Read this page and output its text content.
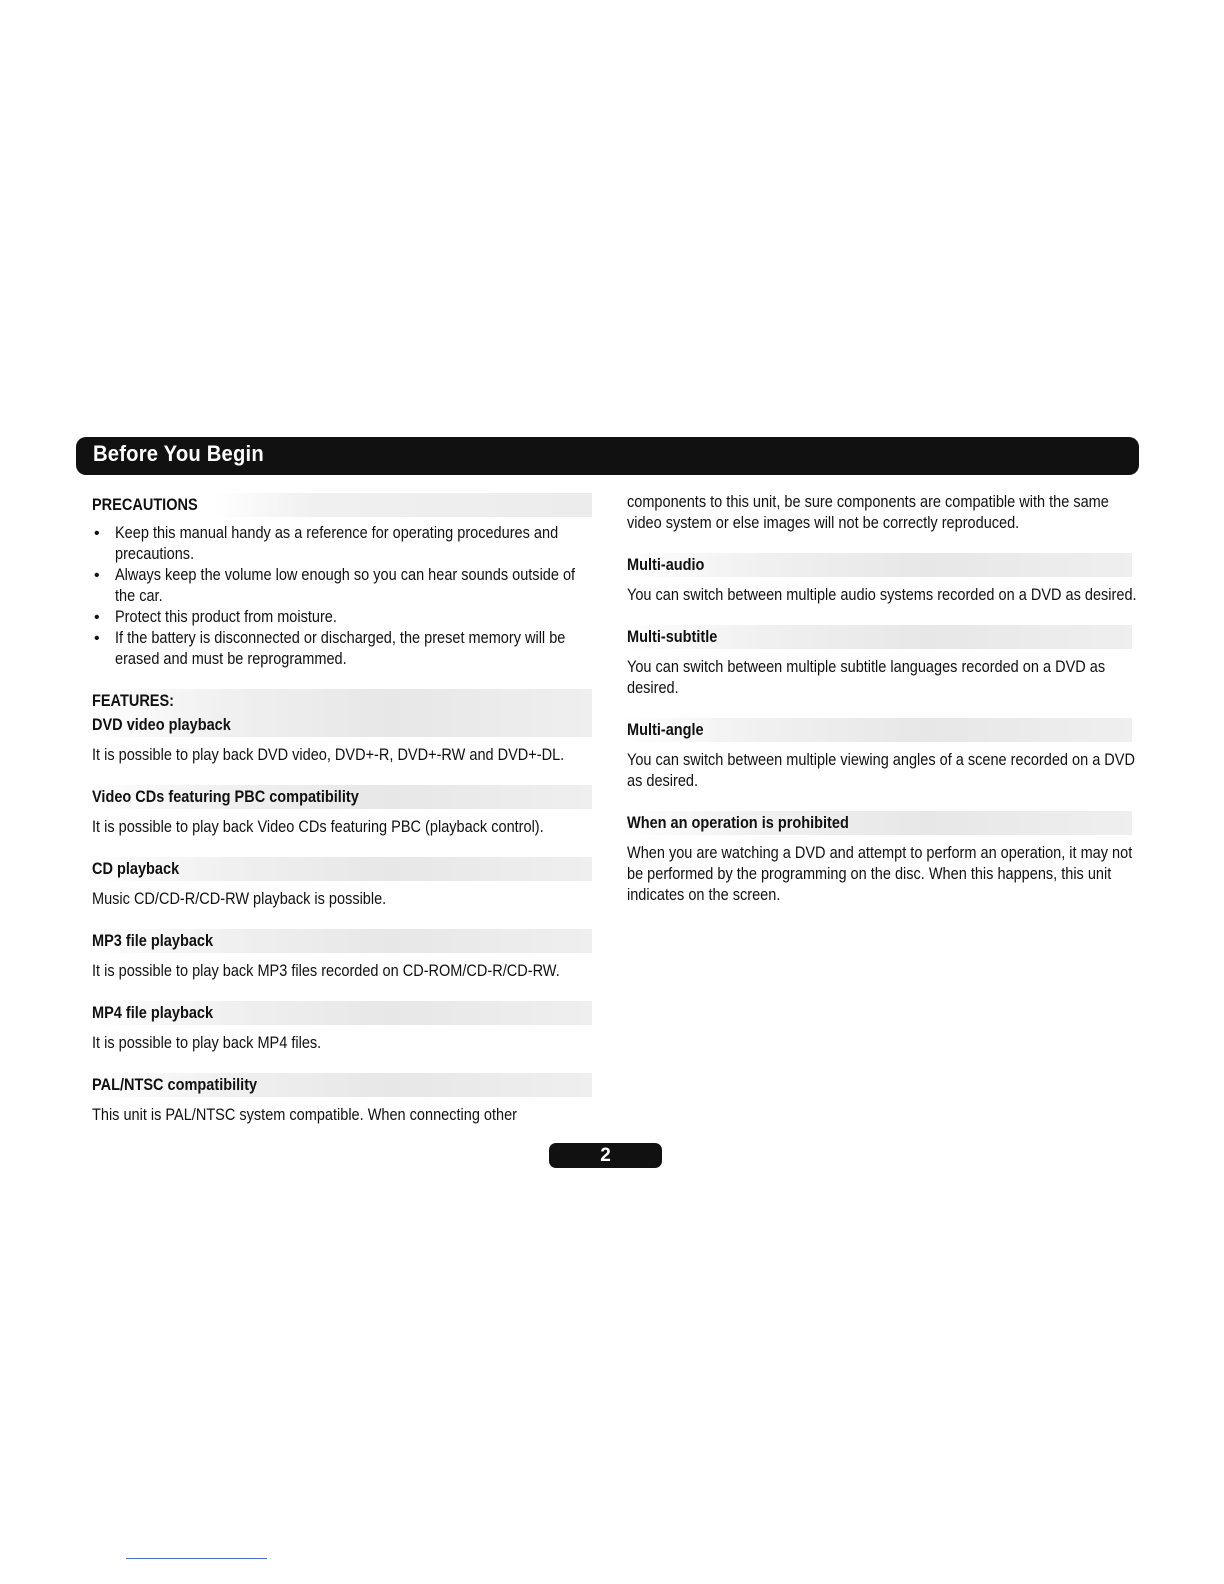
Before You Begin
PRECAUTIONS
• Keep this manual handy as a reference for operating procedures and precautions.
• Always keep the volume low enough so you can hear sounds outside of the car.
• Protect this product from moisture.
• If the battery is disconnected or discharged, the preset memory will be erased and must be reprogrammed.
FEATURES:
DVD video playback

It is possible to play back DVD video, DVD+-R, DVD+-RW and DVD+-DL.

Video CDs featuring PBC compatibility

It is possible to play back Video CDs featuring PBC (playback control).

CD playback

Music CD/CD-R/CD-RW playback is possible.

MP3 file playback

It is possible to play back MP3 files recorded on CD-ROM/CD-R/CD-RW.

MP4 file playback

It is possible to play back MP4 files.

PAL/NTSC compatibility

This unit is PAL/NTSC system compatible. When connecting other

components to this unit, be sure components are compatible with the same video system or else images will not be correctly reproduced.

Multi-audio

You can switch between multiple audio systems recorded on a DVD as desired.

Multi-subtitle

You can switch between multiple subtitle languages recorded on a DVD as desired.

Multi-angle

You can switch between multiple viewing angles of a scene recorded on a DVD as desired.

When an operation is prohibited

When you are watching a DVD and attempt to perform an operation, it may not be performed by the programming on the disc. When this happens, this unit indicates on the screen.

2
